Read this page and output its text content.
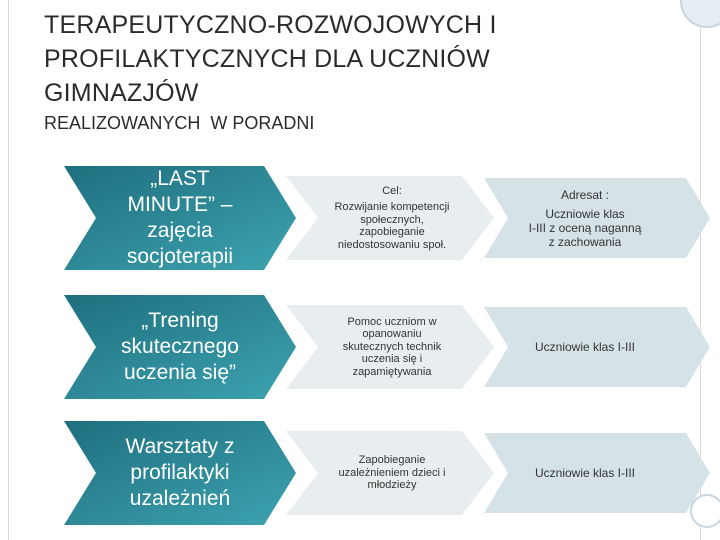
TERAPEUTYCZNO-ROZWOJOWYCH I
PROFILAKTYCZNYCH DLA UCZNIÓW
GIMNAZJÓW
REALIZOWANYCH  W PORADNI
„LAST
MINUTE” –
zajęcia
socjoterapii
Cel:
Rozwijanie kompetencji
społecznych,
zapobieganie
niedostosowaniu społ.
Adresat :
Uczniowie klas
I-III z oceną naganną
z zachowania
„Trening
skutecznego
uczenia się”
Pomoc uczniom w
opanowaniu
skutecznych technik
uczenia się i
zapamiętywania
Uczniowie klas I-III
Warsztaty z
profilaktyki
uzależnień
Zapobieganie
uzależnieniem dzieci i
młodzieży
Uczniowie klas I-III
